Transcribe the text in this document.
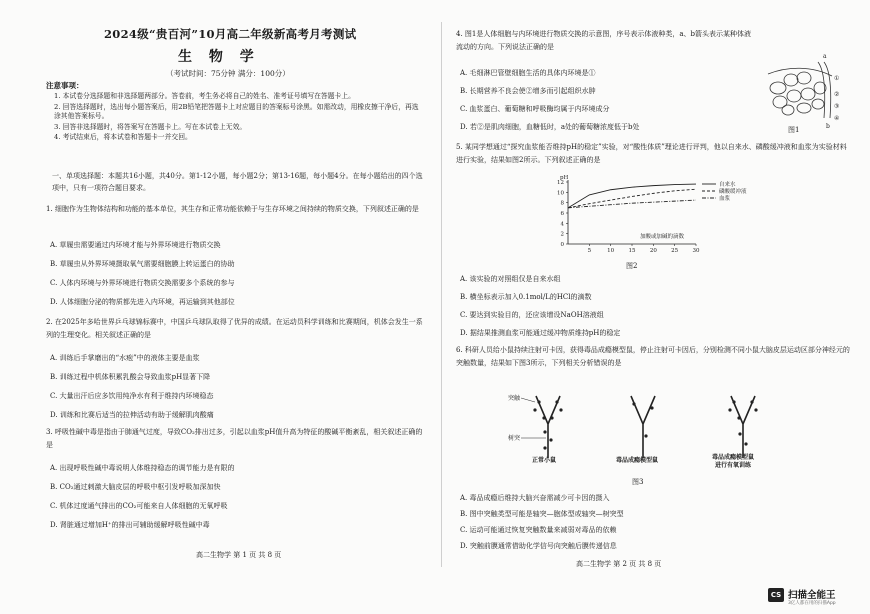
2024级“贵百河”10月高二年级新高考月考测试
生 物 学
（考试时间：75分钟 满分：100分）
注意事项：
1. 本试卷分选择题和非选择题两部分。答卷前，考生务必将自己的姓名、准考证号填写在答题卡上。
2. 回答选择题时，选出每小题答案后，用2B铅笔把答题卡上对应题目的答案标号涂黑。如需改动，用橡皮擦干净后，再选涂其他答案标号。
3. 回答非选择题时，将答案写在答题卡上。写在本试卷上无效。
4. 考试结束后，将本试卷和答题卡一并交回。
一、单项选择题：本题共16小题，共40分。第1-12小题，每小题2分；第13-16题，每小题4分。在每小题给出的四个选项中，只有一项符合题目要求。
1. 细胞作为生物体结构和功能的基本单位，其生存和正常功能依赖于与生存环境之间持续的物质交换，下列叙述正确的是
A. 草履虫需要通过内环境才能与外界环境进行物质交换
B. 草履虫从外界环境摄取氧气需要细胞膜上转运蛋白的协助
C. 人体内环境与外界环境进行物质交换需要多个系统的参与
D. 人体细胞分泌的物质都先进入内环境，再运输到其他部位
2. 在2025年多哈世界乒乓球锦标赛中，中国乒乓球队取得了优异的成绩。在运动员科学训练和比赛期间，机体会发生一系列的生理变化。相关叙述正确的是
A. 训练后手掌磨出的“水疱”中的液体主要是血浆
B. 训练过程中机体积累乳酸会导致血浆pH显著下降
C. 大量出汗后应多饮用纯净水有利于维持内环境稳态
D. 训练和比赛后适当的拉伸活动有助于缓解肌肉酸痛
3. 呼吸性碱中毒是指由于肺通气过度，导致CO₂排出过多，引起以血浆pH值升高为特征的酸碱平衡紊乱，相关叙述正确的是
A. 出现呼吸性碱中毒说明人体维持稳态的调节能力是有限的
B. CO₂通过刺激大脑皮层的呼吸中枢引发呼吸加深加快
C. 机体过度通气排出的CO₂可能来自人体细胞的无氧呼吸
D. 肾脏通过增加H⁺的排出可辅助缓解呼吸性碱中毒
高二生物学 第 1 页 共 8 页
4. 图1是人体细胞与内环境进行物质交换的示意图，序号表示体液种类，a、b箭头表示某种体液流动的方向。下列说法正确的是
A. 毛细淋巴管壁细胞生活的具体内环境是①
B. 长期营养不良会使②增多而引起组织水肿
C. 血浆蛋白、葡萄糖和呼吸酶均属于内环境成分
D. 若②是肌肉细胞，血糖低时，a处的葡萄糖浓度低于b处
a
b
①
②
③
④
图1
5. 某同学想通过“探究血浆能否维持pH的稳定”实验，对“酸性体质”理论进行评判，他以自来水、磷酸缓冲液和血浆为实验材料进行实验，结果如图2所示。下列叙述正确的是
0
2
4
6
8
10
12
5	10	15	20	25	30
pH
加酸或加碱的滴数
自来水
磷酸缓冲液
血浆
图2
A. 该实验的对照组仅是自来水组
B. 横坐标表示加入0.1mol/L的HCl的滴数
C. 要达到实验目的，还应该增设NaOH溶液组
D. 据结果推测血浆可能通过缓冲物质维持pH的稳定
6. 科研人员给小鼠持续注射可卡因，获得毒品成瘾模型鼠，停止注射可卡因后，分别检测不同小鼠大脑皮层运动区部分神经元的突触数量，结果如下图3所示，下列相关分析错误的是
突触
树突
正常小鼠	毒品成瘾模型鼠	毒品成瘾模型鼠
进行有氧训练
图3
A. 毒品成瘾后维持大脑兴奋需减少可卡因的摄入
B. 图中突触类型可能是轴突—胞体型或轴突—树突型
C. 运动可能通过恢复突触数量来减弱对毒品的依赖
D. 突触前膜通常借助化学信号向突触后膜传递信息
高二生物学 第 2 页 共 8 页
CS 扫描全能王
3亿人都在用的扫描App
